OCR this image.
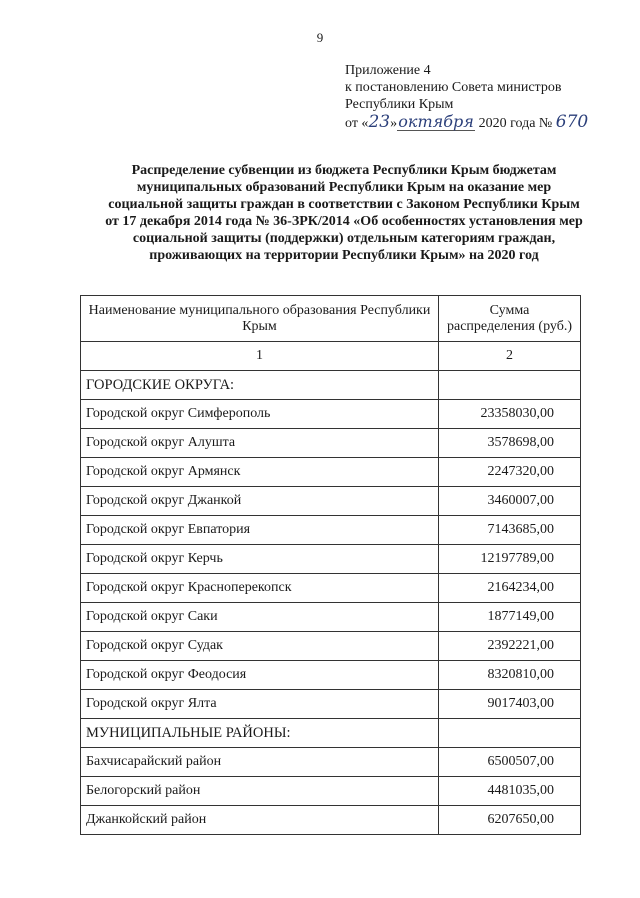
9
Приложение 4
к постановлению Совета министров
Республики Крым
от «23»октября 2020 года № 670
Распределение субвенции из бюджета Республики Крым бюджетам муниципальных образований Республики Крым на оказание мер социальной защиты граждан в соответствии с Законом Республики Крым от 17 декабря 2014 года № 36-ЗРК/2014 «Об особенностях установления мер социальной защиты (поддержки) отдельным категориям граждан, проживающих на территории Республики Крым» на 2020 год
Наименование муниципального образования Республики Крым	Сумма распределения (руб.)
1	2
ГОРОДСКИЕ ОКРУГА:	
Городской округ Симферополь	23358030,00
Городской округ Алушта	3578698,00
Городской округ Армянск	2247320,00
Городской округ Джанкой	3460007,00
Городской округ Евпатория	7143685,00
Городской округ Керчь	12197789,00
Городской округ Красноперекопск	2164234,00
Городской округ Саки	1877149,00
Городской округ Судак	2392221,00
Городской округ Феодосия	8320810,00
Городской округ Ялта	9017403,00
МУНИЦИПАЛЬНЫЕ РАЙОНЫ:	
Бахчисарайский район	6500507,00
Белогорский район	4481035,00
Джанкойский район	6207650,00
